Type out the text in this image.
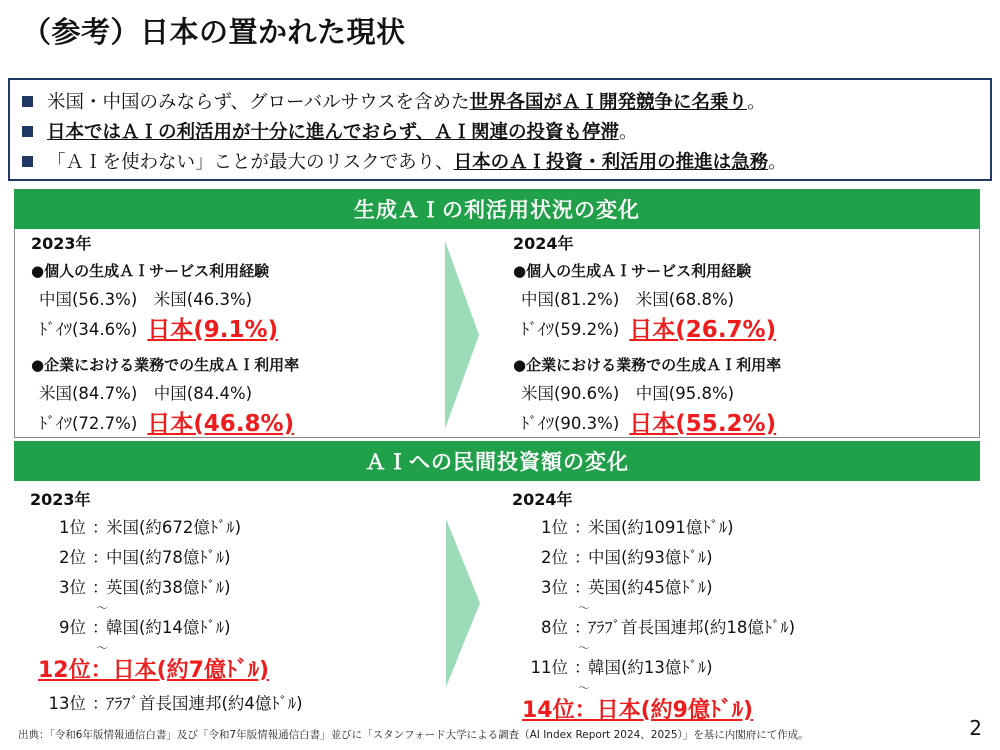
（参考）日本の置かれた現状
米国・中国のみならず、グローバルサウスを含めた 世界各国がＡＩ開発競争に名乗り 。
日本ではＡＩの利活用が十分に進んでおらず、ＡＩ関連の投資も停滞 。
「ＡＩを使わない」ことが最大のリスクであり、 日本のＡＩ投資・利活用の推進は急務 。
生成ＡＩの利活用状況の変化
2023年
●個人の生成ＡＩサービス利用経験
中国(56.3%)　米国(46.3%)
ﾄﾞｲﾂ(34.6%) 日本(9.1%)
●企業における業務での生成ＡＩ利用率
米国(84.7%)　中国(84.4%)
ﾄﾞｲﾂ(72.7%) 日本(46.8%)
2024年
●個人の生成ＡＩサービス利用経験
中国(81.2%)　米国(68.8%)
ﾄﾞｲﾂ(59.2%) 日本(26.7%)
●企業における業務での生成ＡＩ利用率
米国(90.6%)　中国(95.8%)
ﾄﾞｲﾂ(90.3%) 日本(55.2%)
ＡＩへの民間投資額の変化
2023年
1位 ：
米国(約672億ﾄﾞﾙ)
2位 ：
中国(約78億ﾄﾞﾙ)
3位 ：
英国(約38億ﾄﾞﾙ)
～
9位 ：
韓国(約14億ﾄﾞﾙ)
～
12位：日本(約7億ﾄﾞﾙ)
13位 ：
ｱﾗﾌﾞ首長国連邦(約4億ﾄﾞﾙ)
2024年
1位 ：
米国(約1091億ﾄﾞﾙ)
2位 ：
中国(約93億ﾄﾞﾙ)
3位 ：
英国(約45億ﾄﾞﾙ)
～
8位 ：
ｱﾗﾌﾞ首長国連邦(約18億ﾄﾞﾙ)
～
11位 ：
韓国(約13億ﾄﾞﾙ)
～
14位：日本(約9億ﾄﾞﾙ)
出典：「令和6年版情報通信白書」及び「令和7年版情報通信白書」並びに「スタンフォード大学による調査（AI Index Report 2024、2025）」を基に内閣府にて作成。	2
